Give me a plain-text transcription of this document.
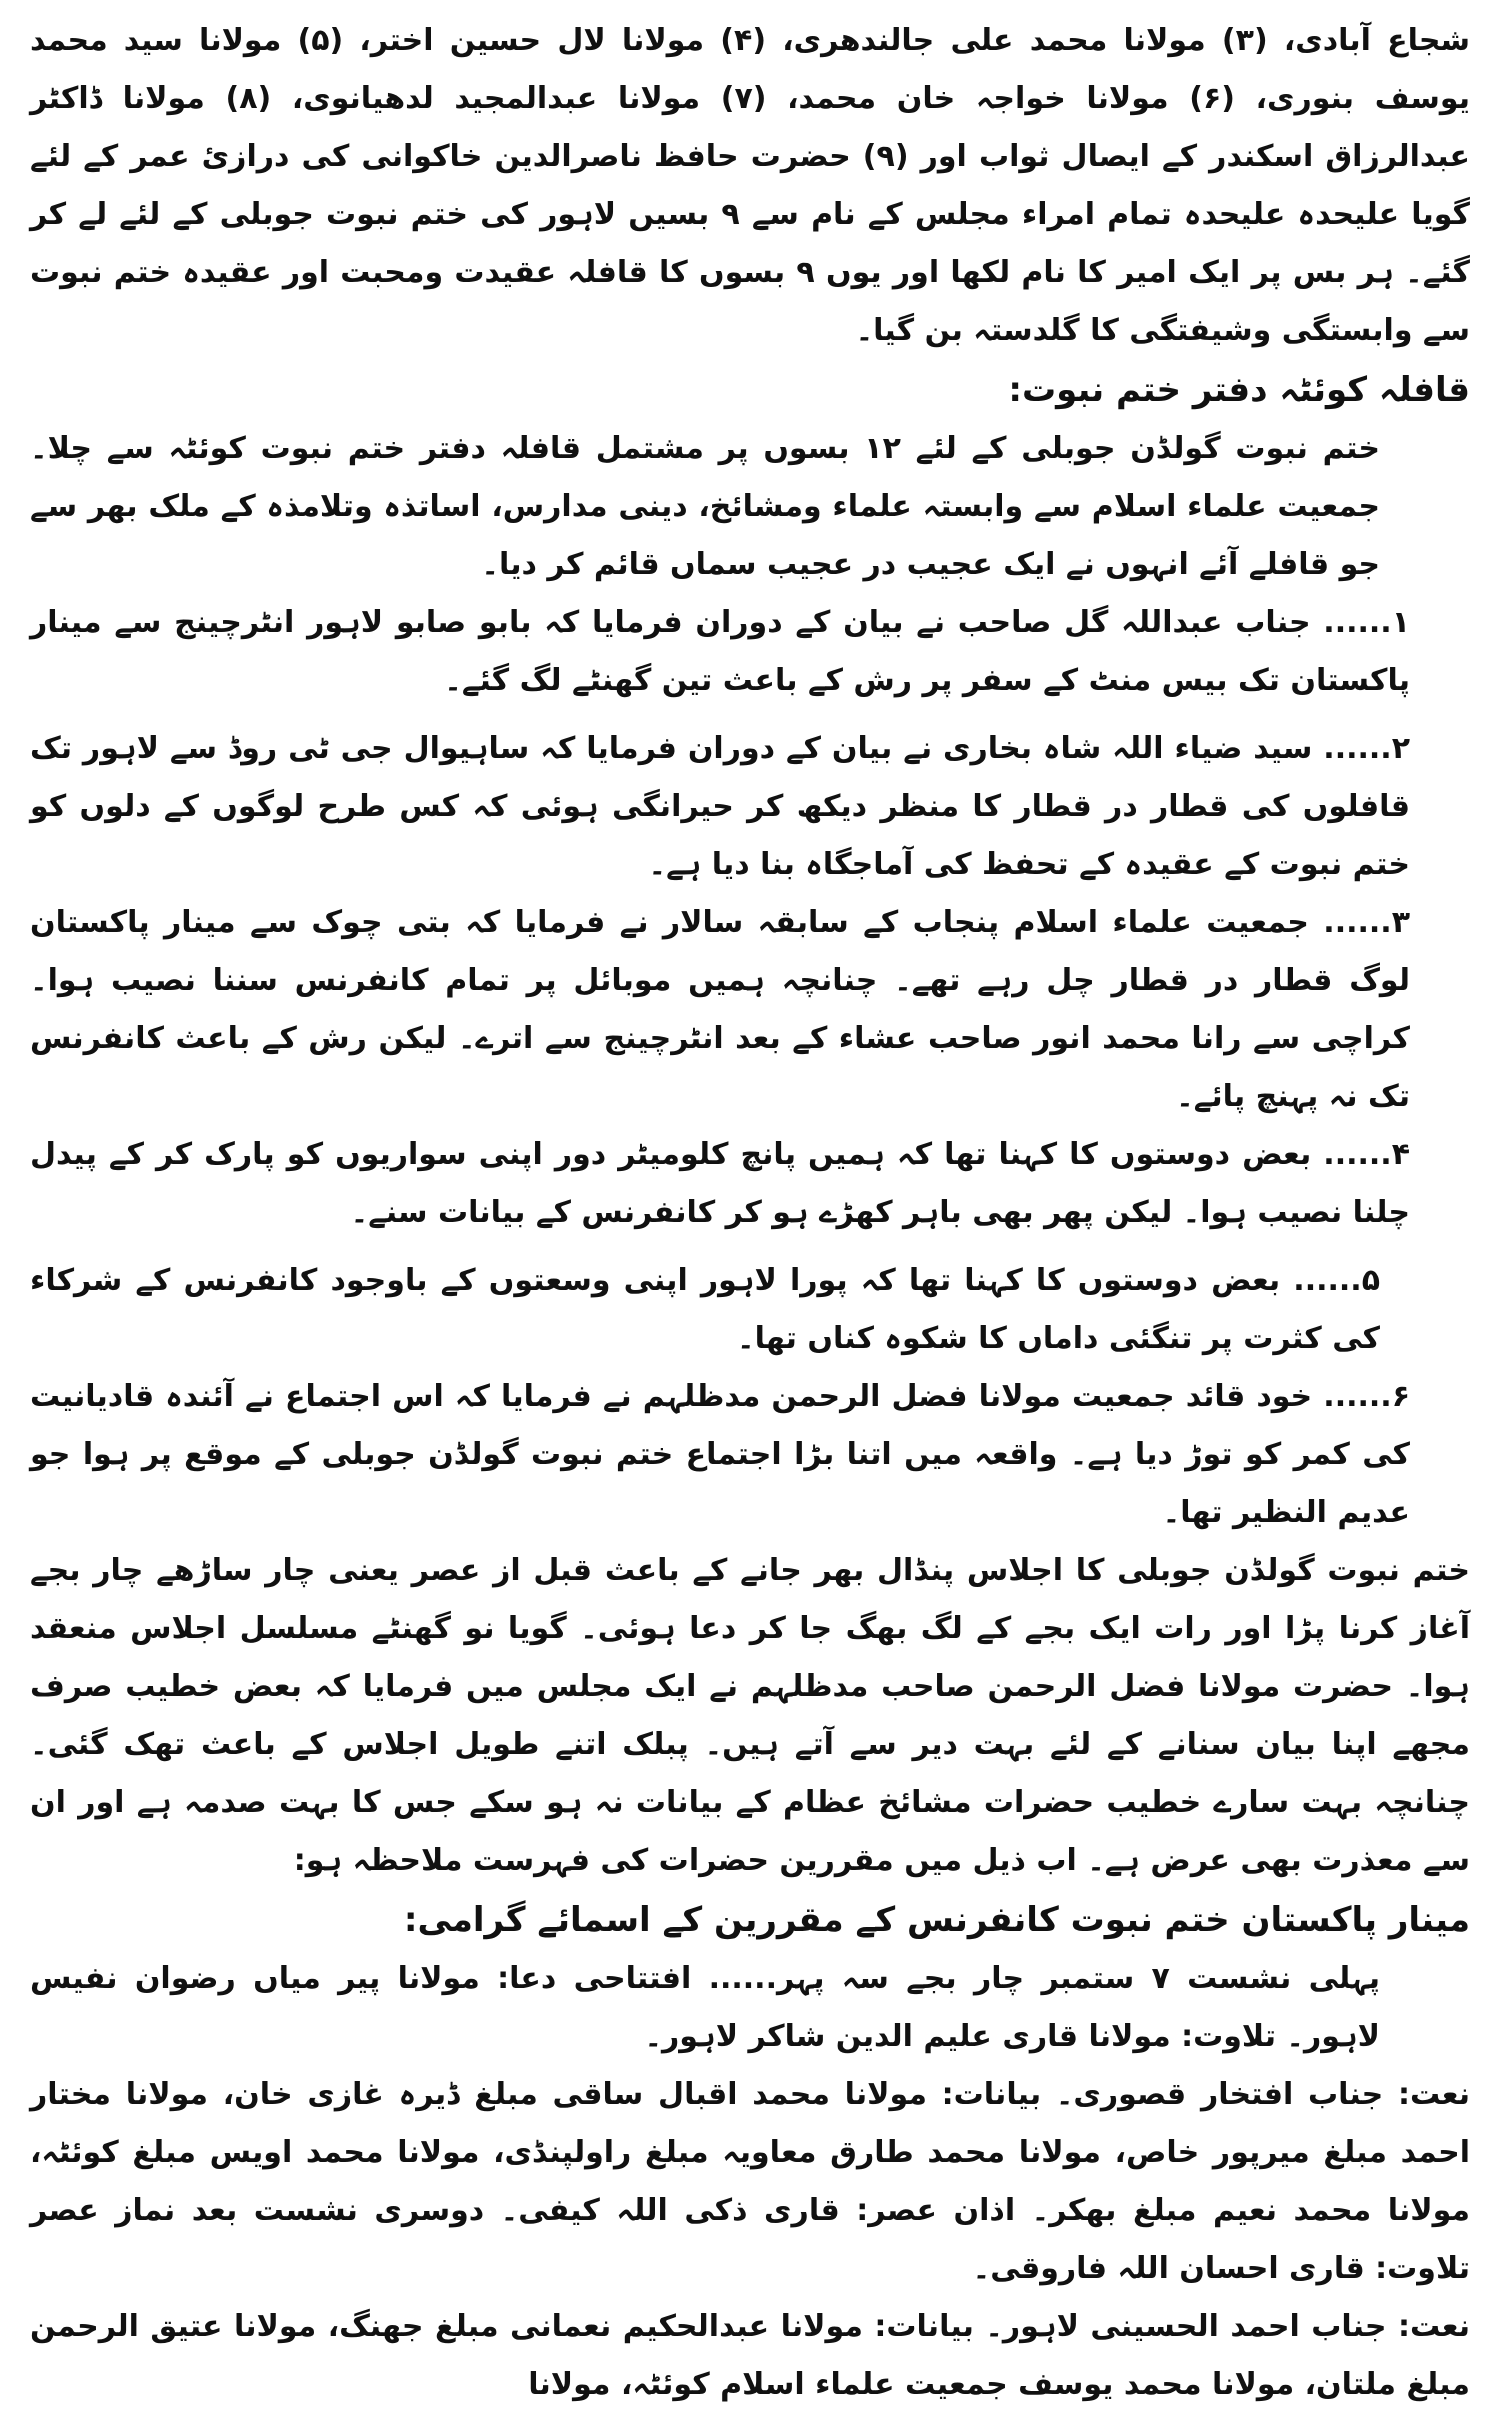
شجاع آبادی، (۳) مولانا محمد علی جالندھری، (۴) مولانا لال حسین اختر، (۵) مولانا سید محمد یوسف بنوری، (۶) مولانا خواجہ خان محمد، (۷) مولانا عبدالمجید لدھیانوی، (۸) مولانا ڈاکٹر عبدالرزاق اسکندر کے ایصال ثواب اور (۹) حضرت حافظ ناصرالدین خاکوانی کی درازئ عمر کے لئے گویا علیحدہ علیحدہ تمام امراء مجلس کے نام سے ۹ بسیں لاہور کی ختم نبوت جوبلی کے لئے لے کر گئے۔ ہر بس پر ایک امیر کا نام لکھا اور یوں ۹ بسوں کا قافلہ عقیدت ومحبت اور عقیدہ ختم نبوت سے وابستگی وشیفتگی کا گلدستہ بن گیا۔

قافلہ کوئٹہ دفتر ختم نبوت:

ختم نبوت گولڈن جوبلی کے لئے ۱۲ بسوں پر مشتمل قافلہ دفتر ختم نبوت کوئٹہ سے چلا۔ جمعیت علماء اسلام سے وابستہ علماء ومشائخ، دینی مدارس، اساتذہ وتلامذہ کے ملک بھر سے جو قافلے آئے انہوں نے ایک عجیب در عجیب سماں قائم کر دیا۔

۱...... جناب عبداللہ گل صاحب نے بیان کے دوران فرمایا کہ بابو صابو لاہور انٹرچینج سے مینار پاکستان تک بیس منٹ کے سفر پر رش کے باعث تین گھنٹے لگ گئے۔

۲...... سید ضیاء اللہ شاہ بخاری نے بیان کے دوران فرمایا کہ ساہیوال جی ٹی روڈ سے لاہور تک قافلوں کی قطار در قطار کا منظر دیکھ کر حیرانگی ہوئی کہ کس طرح لوگوں کے دلوں کو ختم نبوت کے عقیدہ کے تحفظ کی آماجگاہ بنا دیا ہے۔

۳...... جمعیت علماء اسلام پنجاب کے سابقہ سالار نے فرمایا کہ بتی چوک سے مینار پاکستان لوگ قطار در قطار چل رہے تھے۔ چنانچہ ہمیں موبائل پر تمام کانفرنس سننا نصیب ہوا۔ کراچی سے رانا محمد انور صاحب عشاء کے بعد انٹرچینج سے اترے۔ لیکن رش کے باعث کانفرنس تک نہ پہنچ پائے۔

۴...... بعض دوستوں کا کہنا تھا کہ ہمیں پانچ کلومیٹر دور اپنی سواریوں کو پارک کر کے پیدل چلنا نصیب ہوا۔ لیکن پھر بھی باہر کھڑے ہو کر کانفرنس کے بیانات سنے۔

۵...... بعض دوستوں کا کہنا تھا کہ پورا لاہور اپنی وسعتوں کے باوجود کانفرنس کے شرکاء کی کثرت پر تنگئی داماں کا شکوہ کناں تھا۔

۶...... خود قائد جمعیت مولانا فضل الرحمن مدظلہم نے فرمایا کہ اس اجتماع نے آئندہ قادیانیت کی کمر کو توڑ دیا ہے۔ واقعہ میں اتنا بڑا اجتماع ختم نبوت گولڈن جوبلی کے موقع پر ہوا جو عدیم النظیر تھا۔

ختم نبوت گولڈن جوبلی کا اجلاس پنڈال بھر جانے کے باعث قبل از عصر یعنی چار ساڑھے چار بجے آغاز کرنا پڑا اور رات ایک بجے کے لگ بھگ جا کر دعا ہوئی۔ گویا نو گھنٹے مسلسل اجلاس منعقد ہوا۔ حضرت مولانا فضل الرحمن صاحب مدظلہم نے ایک مجلس میں فرمایا کہ بعض خطیب صرف مجھے اپنا بیان سنانے کے لئے بہت دیر سے آتے ہیں۔ پبلک اتنے طویل اجلاس کے باعث تھک گئی۔ چنانچہ بہت سارے خطیب حضرات مشائخ عظام کے بیانات نہ ہو سکے جس کا بہت صدمہ ہے اور ان سے معذرت بھی عرض ہے۔ اب ذیل میں مقررین حضرات کی فہرست ملاحظہ ہو:

مینار پاکستان ختم نبوت کانفرنس کے مقررین کے اسمائے گرامی:

پہلی نشست ۷ ستمبر چار بجے سہ پہر...... افتتاحی دعا: مولانا پیر میاں رضوان نفیس لاہور۔ تلاوت: مولانا قاری علیم الدین شاکر لاہور۔

نعت: جناب افتخار قصوری۔ بیانات: مولانا محمد اقبال ساقی مبلغ ڈیرہ غازی خان، مولانا مختار احمد مبلغ میرپور خاص، مولانا محمد طارق معاویہ مبلغ راولپنڈی، مولانا محمد اویس مبلغ کوئٹہ، مولانا محمد نعیم مبلغ بھکر۔ اذان عصر: قاری ذکی اللہ کیفی۔ دوسری نشست بعد نماز عصر تلاوت: قاری احسان اللہ فاروقی۔

نعت: جناب احمد الحسینی لاہور۔ بیانات: مولانا عبدالحکیم نعمانی مبلغ جھنگ، مولانا عتیق الرحمن مبلغ ملتان، مولانا محمد یوسف جمعیت علماء اسلام کوئٹہ، مولانا
